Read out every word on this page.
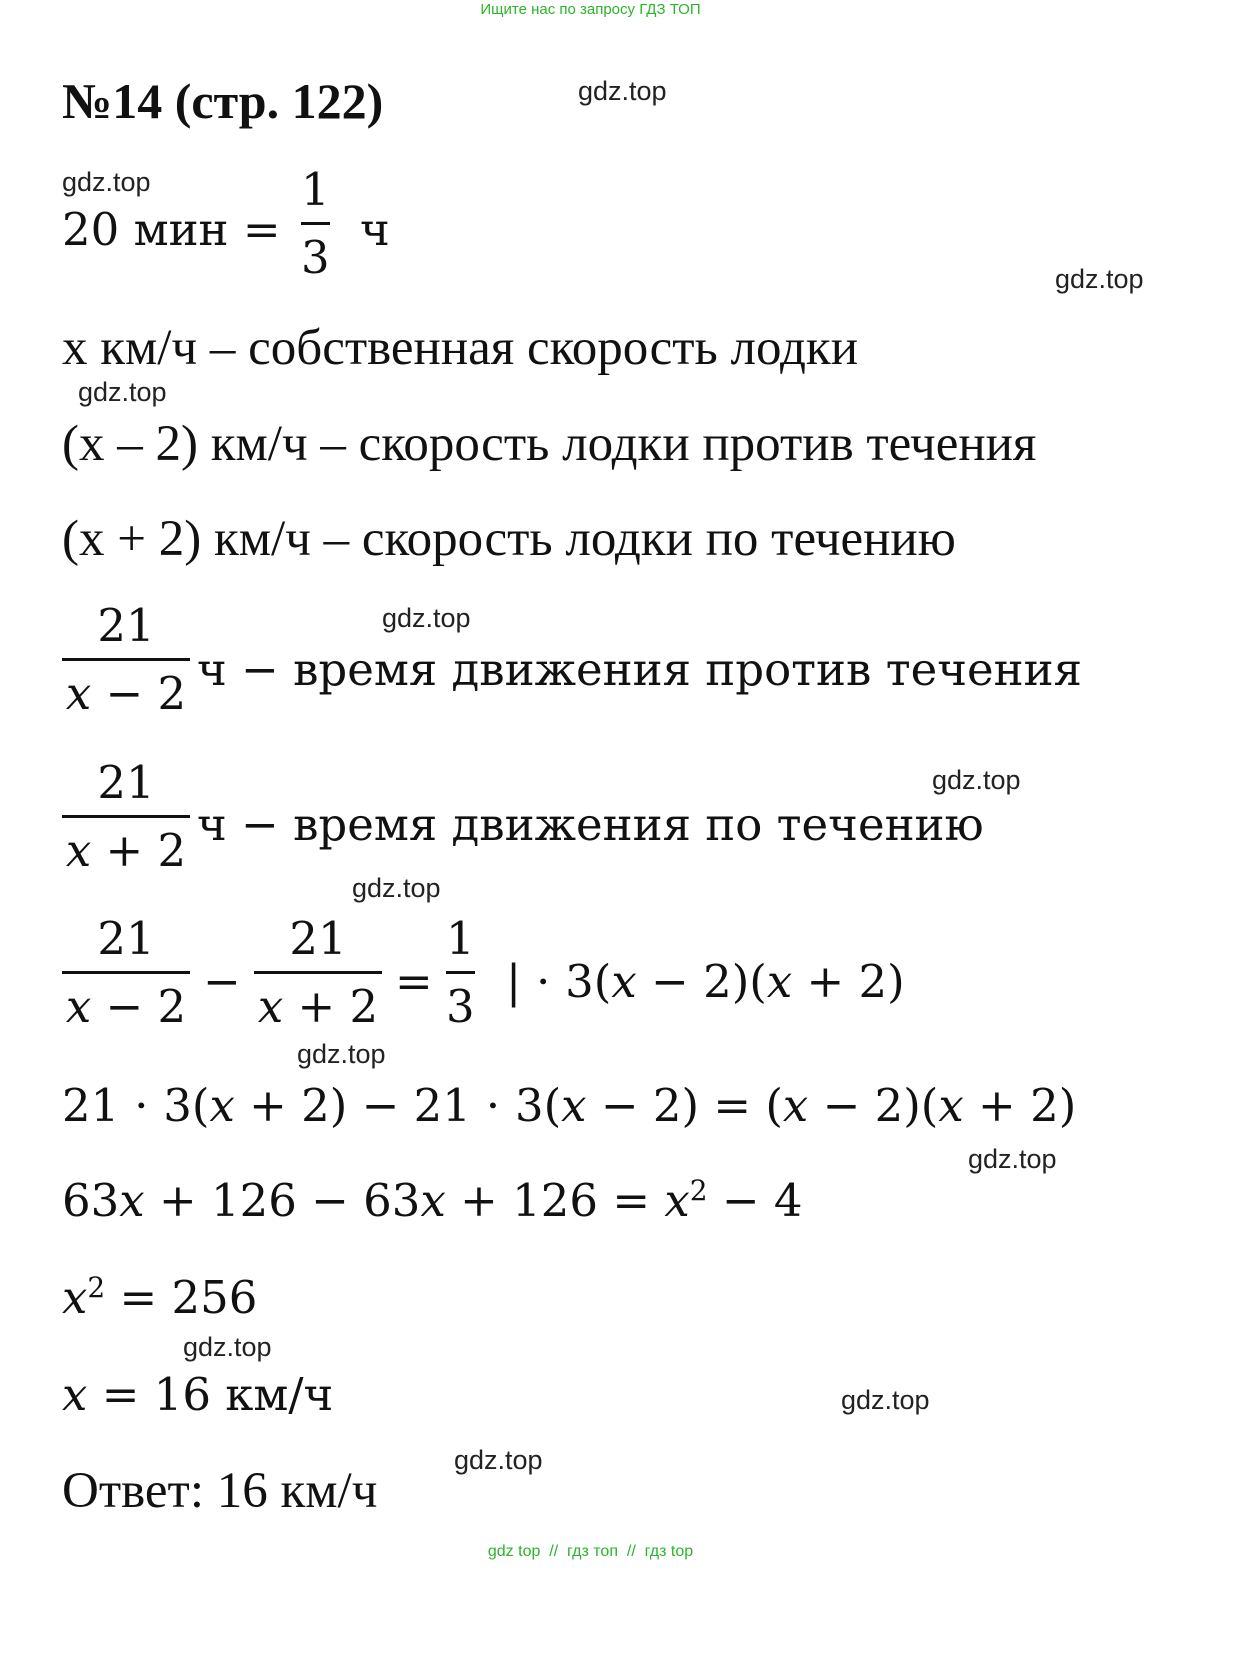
Ищите нас по запросу ГДЗ ТОП
№14 (стр. 122)	gdz.top
gdz.top
gdz.top
gdz.top
gdz.top
gdz.top
gdz.top
gdz.top
gdz.top
gdz.top
gdz.top
gdz.top
20 мин =
1
3
ч
x км/ч – собственная скорость лодки
(x – 2) км/ч – скорость лодки против течения
(x + 2) км/ч – скорость лодки по течению
21
x − 2 ч − время движения против течения
21
x + 2 ч − время движения по течению
21
x − 2 −
21
x + 2 =
1
3 | ⋅ 3(x − 2)(x + 2)
21 ⋅ 3(x + 2) − 21 ⋅ 3(x − 2) = (x − 2)(x + 2)
$63x + 126 - 63x + 126 = x^2 - 4$
$x^2 = 256$
x = 16 км/ч
Ответ: 16 км/ч
gdz top  //  гдз топ  //  гдз top
